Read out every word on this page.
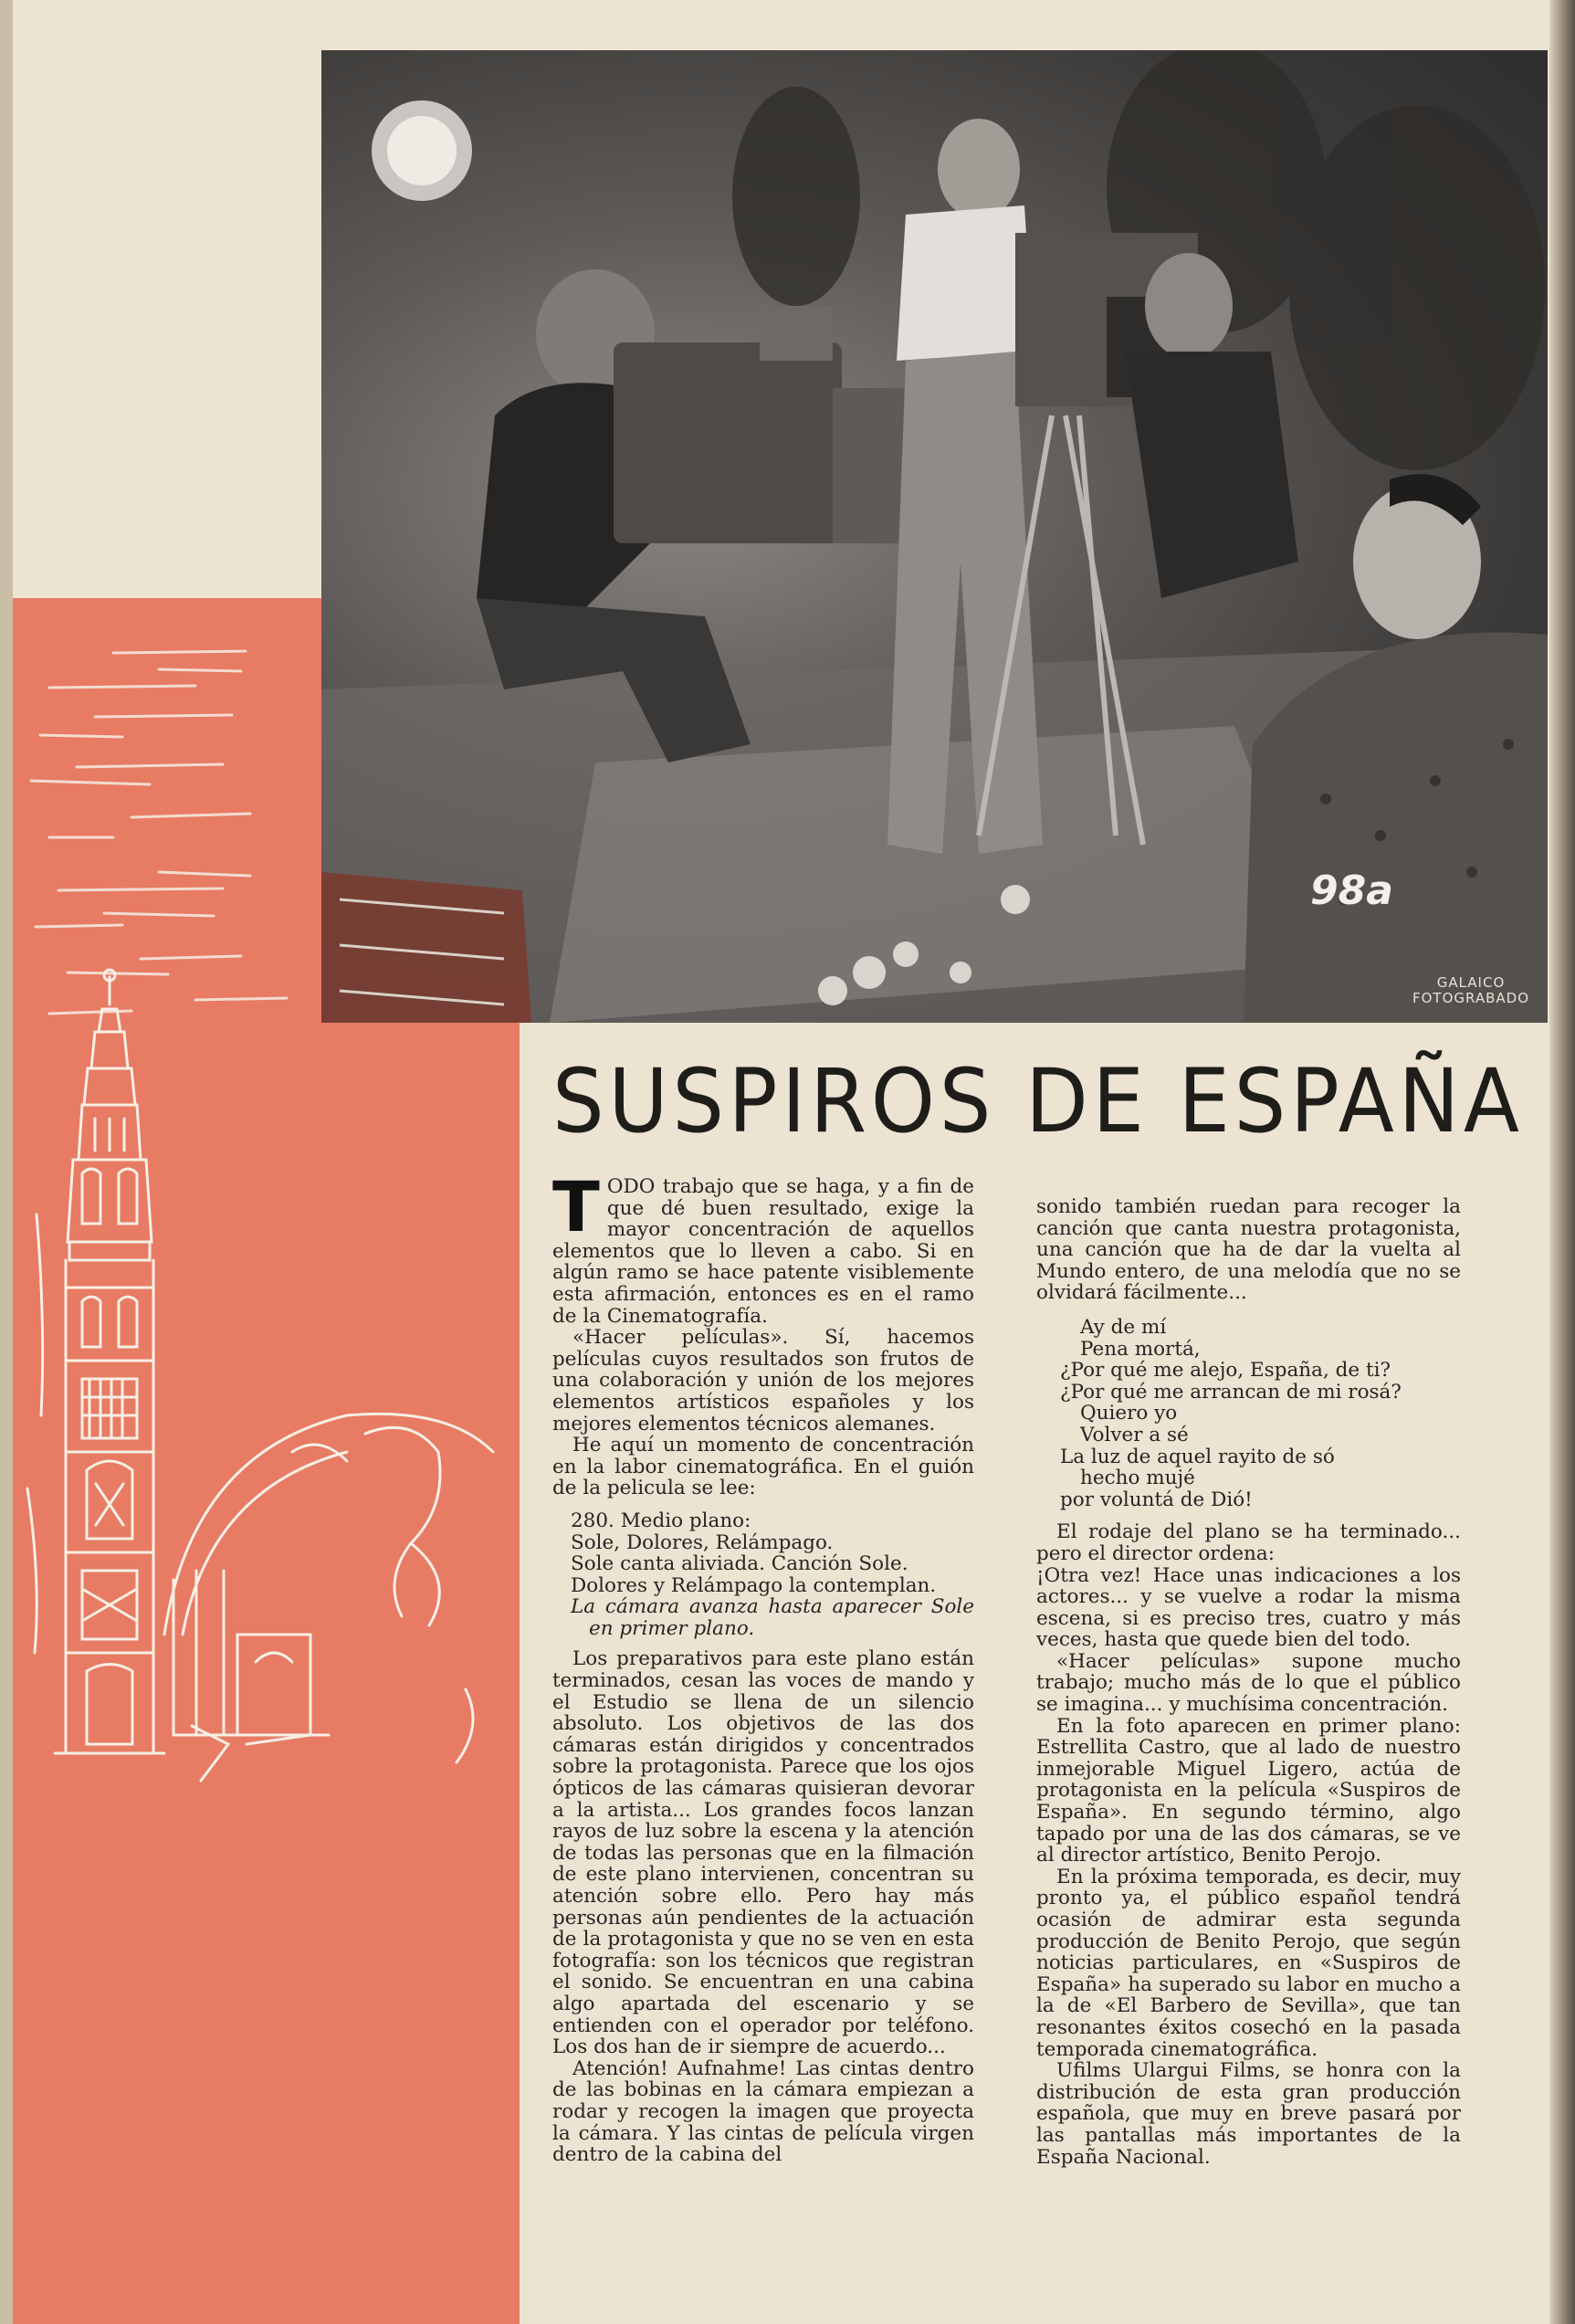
98a
GALAICO
FOTOGRABADO
SUSPIROS DE ESPAÑA

TODO trabajo que se haga, y a fin de que dé buen resultado, exige la mayor concentración de aquellos elementos que lo lleven a cabo. Si en algún ramo se hace patente visiblemente esta afirmación, entonces es en el ramo de la Cinematografía.

«Hacer películas». Sí, hacemos películas cuyos resultados son frutos de una colaboración y unión de los mejores elementos artísticos españoles y los mejores elementos técnicos alemanes.

He aquí un momento de concentración en la labor cinematográfica. En el guión de la pelicula se lee:

280. Medio plano:
Sole, Dolores, Relámpago.
Sole canta aliviada. Canción Sole.
Dolores y Relámpago la contemplan.
La cámara avanza hasta aparecer Sole en primer plano.

Los preparativos para este plano están terminados, cesan las voces de mando y el Estudio se llena de un silencio absoluto. Los objetivos de las dos cámaras están dirigidos y concentrados sobre la protagonista. Parece que los ojos ópticos de las cámaras quisieran devorar a la artista... Los grandes focos lanzan rayos de luz sobre la escena y la atención de todas las personas que en la filmación de este plano intervienen, concentran su atención sobre ello. Pero hay más personas aún pendientes de la actuación de la protagonista y que no se ven en esta fotografía: son los técnicos que registran el sonido. Se encuentran en una cabina algo apartada del escenario y se entienden con el operador por teléfono. Los dos han de ir siempre de acuerdo...

Atención! Aufnahme! Las cintas dentro de las bobinas en la cámara empiezan a rodar y recogen la imagen que proyecta la cámara. Y las cintas de película virgen dentro de la cabina del

sonido también ruedan para recoger la canción que canta nuestra protagonista, una canción que ha de dar la vuelta al Mundo entero, de una melodía que no se olvidará fácilmente...

Ay de mí
Pena mortá,
¿Por qué me alejo, España, de ti?
¿Por qué me arrancan de mi rosá?
Quiero yo
Volver a sé
La luz de aquel rayito de só
hecho mujé
por voluntá de Dió!

El rodaje del plano se ha terminado... pero el director ordena:

¡Otra vez! Hace unas indicaciones a los actores... y se vuelve a rodar la misma escena, si es preciso tres, cuatro y más veces, hasta que quede bien del todo.

«Hacer películas» supone mucho trabajo; mucho más de lo que el público se imagina... y muchísima concentración.

En la foto aparecen en primer plano: Estrellita Castro, que al lado de nuestro inmejorable Miguel Ligero, actúa de protagonista en la película «Suspiros de España». En segundo término, algo tapado por una de las dos cámaras, se ve al director artístico, Benito Perojo.

En la próxima temporada, es decir, muy pronto ya, el público español tendrá ocasión de admirar esta segunda producción de Benito Perojo, que según noticias particulares, en «Suspiros de España» ha superado su labor en mucho a la de «El Barbero de Sevilla», que tan resonantes éxitos cosechó en la pasada temporada cinematográfica.

Ufilms Ulargui Films, se honra con la distribución de esta gran producción española, que muy en breve pasará por las pantallas más importantes de la España Nacional.
